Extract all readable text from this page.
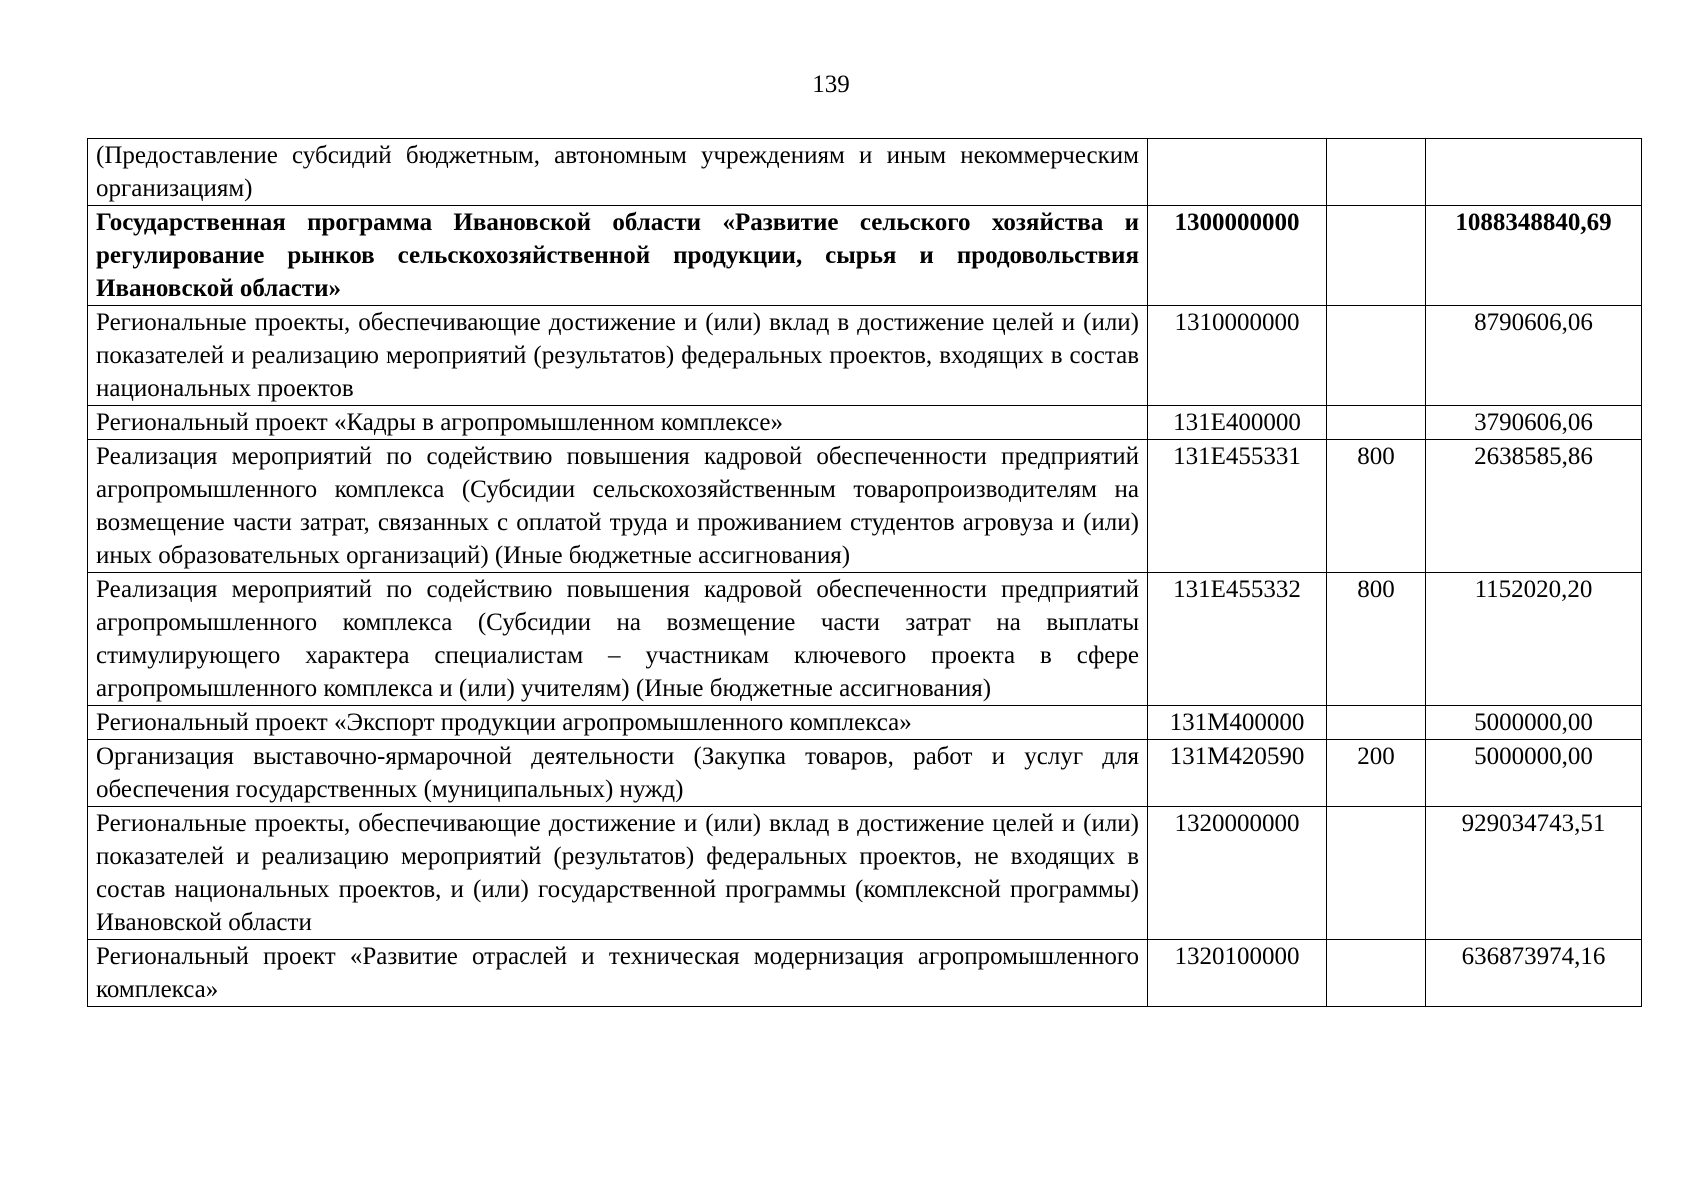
139
(Предоставление субсидий бюджетным, автономным учреждениям и иным некоммерческим организациям)			
Государственная программа Ивановской области «Развитие сельского хозяйства и регулирование рынков сельскохозяйственной продукции, сырья и продовольствия Ивановской области»	1300000000		1088348840,69
Региональные проекты, обеспечивающие достижение и (или) вклад в достижение целей и (или) показателей и реализацию мероприятий (результатов) федеральных проектов, входящих в состав национальных проектов	1310000000		8790606,06
Региональный проект «Кадры в агропромышленном комплексе»	131Е400000		3790606,06
Реализация мероприятий по содействию повышения кадровой обеспеченности предприятий агропромышленного комплекса (Субсидии сельскохозяйственным товаропроизводителям на возмещение части затрат, связанных с оплатой труда и проживанием студентов агровуза и (или) иных образовательных организаций) (Иные бюджетные ассигнования)	131Е455331	800	2638585,86
Реализация мероприятий по содействию повышения кадровой обеспеченности предприятий агропромышленного комплекса (Субсидии на возмещение части затрат на выплаты стимулирующего характера специалистам – участникам ключевого проекта в сфере агропромышленного комплекса и (или) учителям) (Иные бюджетные ассигнования)	131Е455332	800	1152020,20
Региональный проект «Экспорт продукции агропромышленного комплекса»	131М400000		5000000,00
Организация выставочно-ярмарочной деятельности (Закупка товаров, работ и услуг для обеспечения государственных (муниципальных) нужд)	131М420590	200	5000000,00
Региональные проекты, обеспечивающие достижение и (или) вклад в достижение целей и (или) показателей и реализацию мероприятий (результатов) федеральных проектов, не входящих в состав национальных проектов, и (или) государственной программы (комплексной программы) Ивановской области	1320000000		929034743,51
Региональный проект «Развитие отраслей и техническая модернизация агропромышленного комплекса»	1320100000		636873974,16
